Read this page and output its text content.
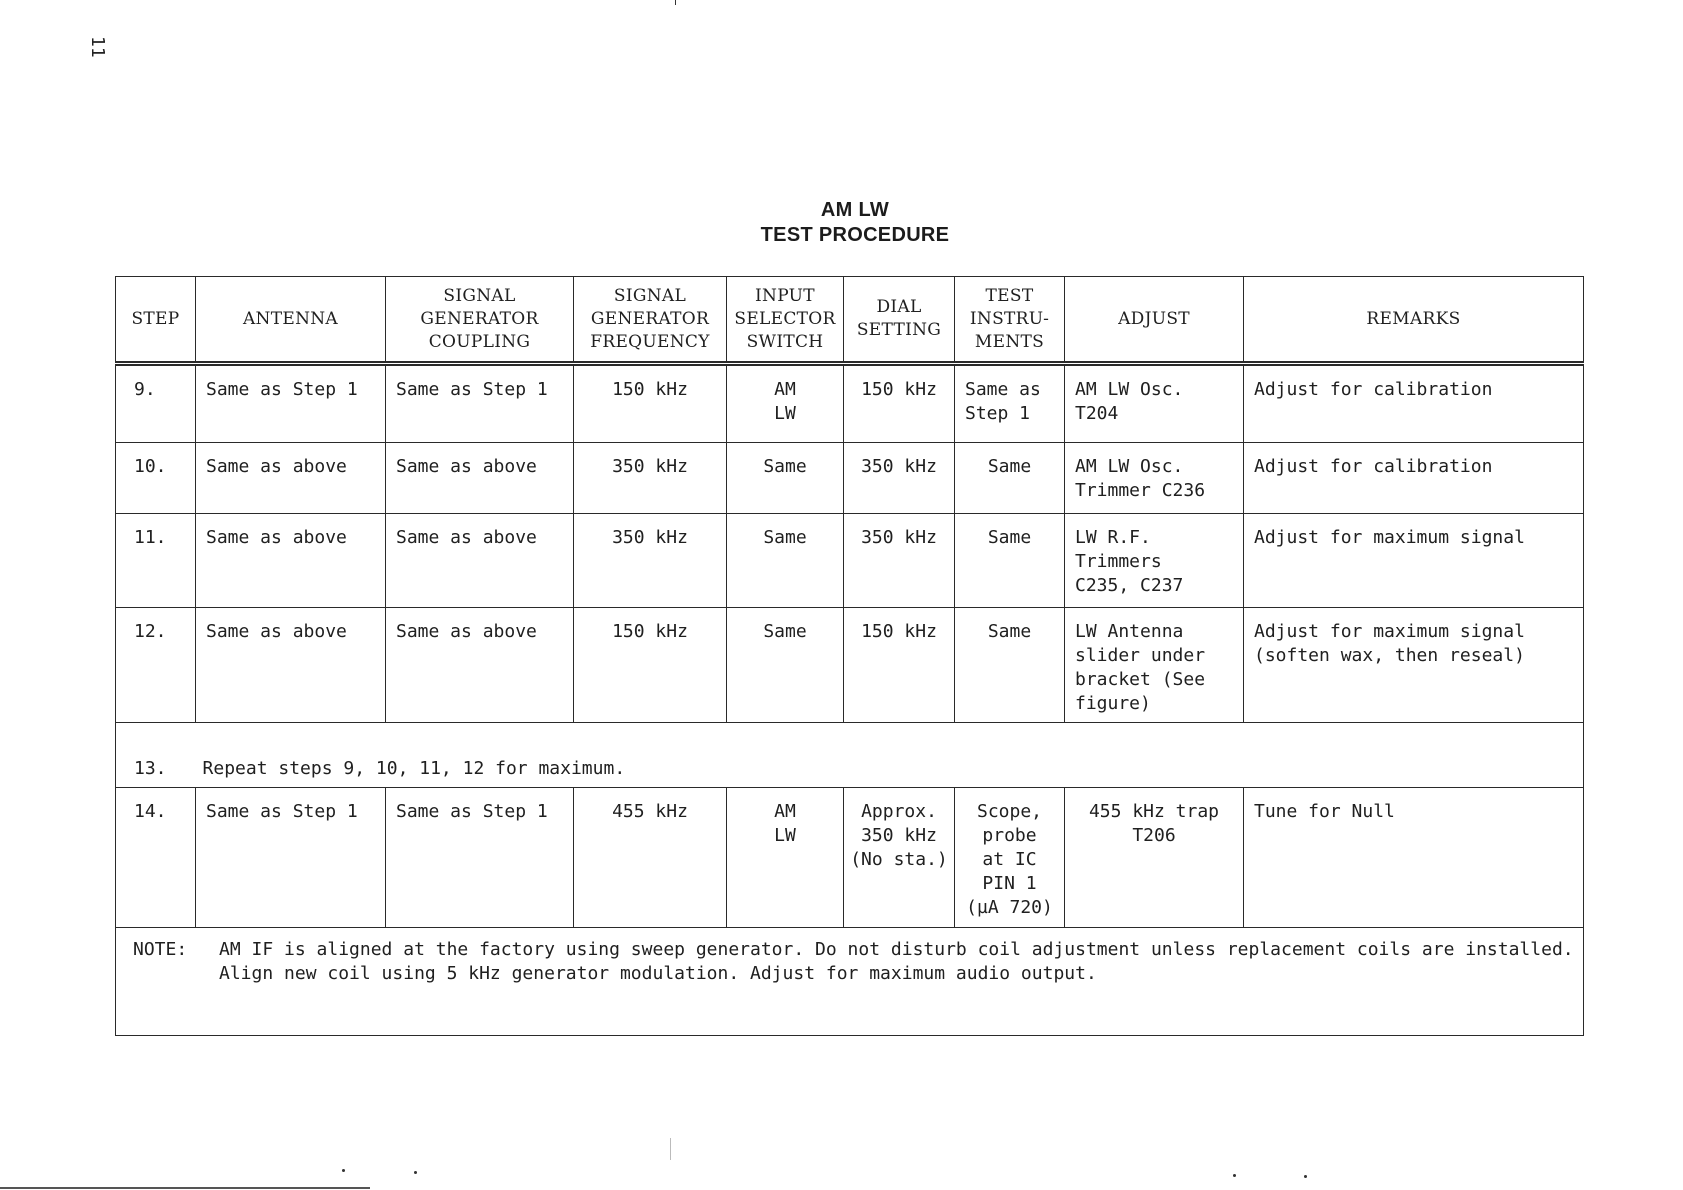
11
AM LW
TEST PROCEDURE
STEP	ANTENNA	SIGNAL
GENERATOR
COUPLING	SIGNAL
GENERATOR
FREQUENCY	INPUT
SELECTOR
SWITCH	DIAL
SETTING	TEST
INSTRU-
MENTS	ADJUST	REMARKS

9.	Same as Step 1	Same as Step 1	150 kHz	AM
LW	150 kHz	Same as
Step 1	AM LW Osc.
T204	Adjust for calibration

10.	Same as above	Same as above	350 kHz	Same	350 kHz	Same	AM LW Osc.
Trimmer C236	Adjust for calibration

11.	Same as above	Same as above	350 kHz	Same	350 kHz	Same	LW R.F.
Trimmers
C235, C237	Adjust for maximum signal

12.	Same as above	Same as above	150 kHz	Same	150 kHz	Same	LW Antenna
slider under
bracket (See
figure)	Adjust for maximum signal
(soften wax, then reseal)

13. Repeat steps 9, 10, 11, 12 for maximum.								

14.	Same as Step 1	Same as Step 1	455 kHz	AM
LW	Approx.
350 kHz
(No sta.)	Scope,
probe
at IC
PIN 1
(µA 720)	455 kHz trap
T206	Tune for Null

NOTE: AM IF is aligned at the factory using sweep generator. Do not disturb coil adjustment unless replacement coils are installed. Align new coil using 5 kHz generator modulation. Adjust for maximum audio output.								
